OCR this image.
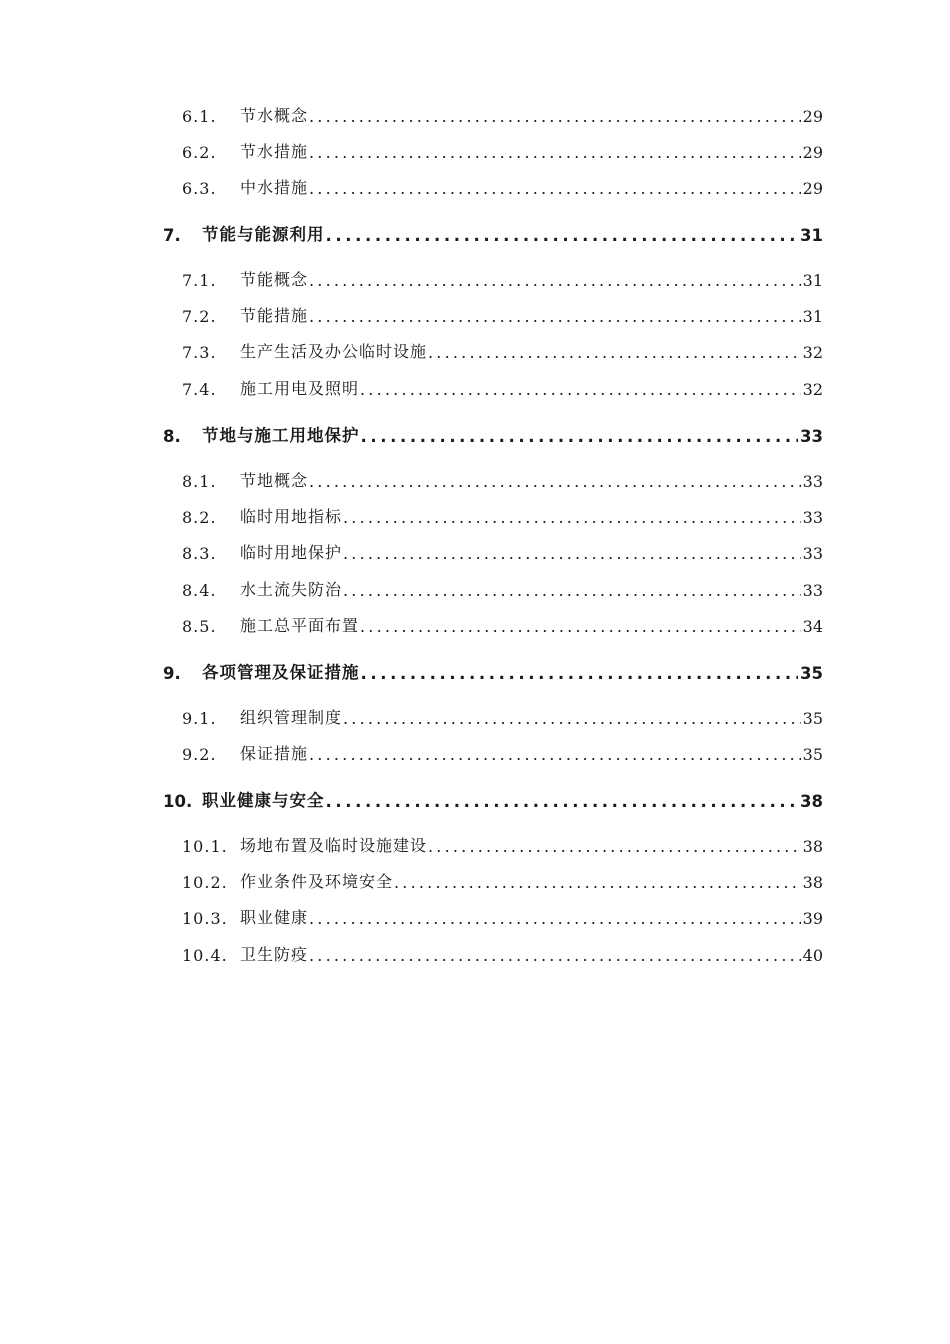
6.1.	节水概念 .....	29
6.2.	节水措施 .....	29
6.3.	中水措施 .....	29
7.	节能与能源利用 .....	31
7.1.	节能概念 .....	31
7.2.	节能措施 .....	31
7.3.	生产生活及办公临时设施 .....	32
7.4.	施工用电及照明 .....	32
8.	节地与施工用地保护 .....	33
8.1.	节地概念 .....	33
8.2.	临时用地指标 .....	33
8.3.	临时用地保护 .....	33
8.4.	水土流失防治 .....	33
8.5.	施工总平面布置 .....	34
9.	各项管理及保证措施 .....	35
9.1.	组织管理制度 .....	35
9.2.	保证措施 .....	35
10. 职业健康与安全 .....	38
10.1. 场地布置及临时设施建设 .....	38
10.2. 作业条件及环境安全 .....	38
10.3. 职业健康 .....	39
10.4. 卫生防疫 .....	40
